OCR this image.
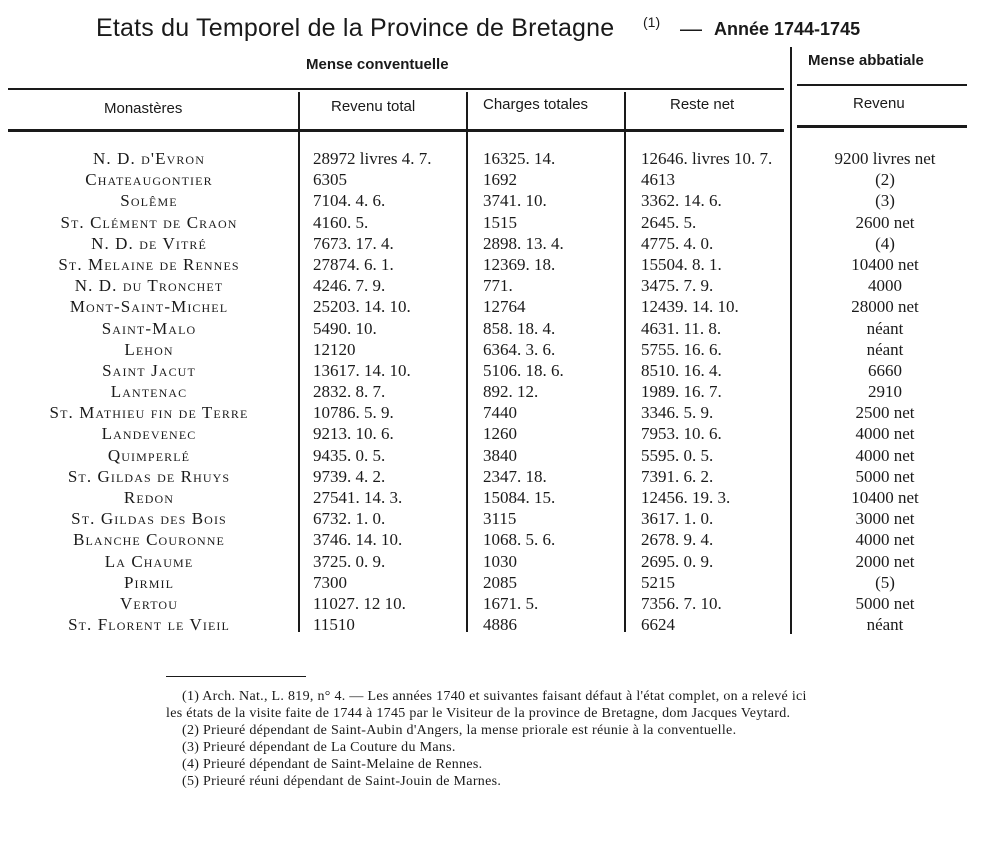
Etats du Temporel de la Province de Bretagne (1) — Année 1744-1745
Mense conventuelle	Mense abbatiale
Monastères	Revenu total	Charges totales	Reste net	Revenu
N. D. d'Evron	28972 livres 4. 7.	16325. 14.	12646. livres 10. 7.	9200 livres net
Chateaugontier	6305	1692	4613	(2)
Solême	7104. 4. 6.	3741. 10.	3362. 14. 6.	(3)
St. Clément de Craon	4160. 5.	1515	2645. 5.	2600 net
N. D. de Vitré	7673. 17. 4.	2898. 13. 4.	4775. 4. 0.	(4)
St. Melaine de Rennes	27874. 6. 1.	12369. 18.	15504. 8. 1.	10400 net
N. D. du Tronchet	4246. 7. 9.	771.	3475. 7. 9.	4000
Mont-Saint-Michel	25203. 14. 10.	12764	12439. 14. 10.	28000 net
Saint-Malo	5490. 10.	858. 18. 4.	4631. 11. 8.	néant
Lehon	12120	6364. 3. 6.	5755. 16. 6.	néant
Saint Jacut	13617. 14. 10.	5106. 18. 6.	8510. 16. 4.	6660
Lantenac	2832. 8. 7.	892. 12.	1989. 16. 7.	2910
St. Mathieu fin de Terre	10786. 5. 9.	7440	3346. 5. 9.	2500 net
Landevenec	9213. 10. 6.	1260	7953. 10. 6.	4000 net
Quimperlé	9435. 0. 5.	3840	5595. 0. 5.	4000 net
St. Gildas de Rhuys	9739. 4. 2.	2347. 18.	7391. 6. 2.	5000 net
Redon	27541. 14. 3.	15084. 15.	12456. 19. 3.	10400 net
St. Gildas des Bois	6732. 1. 0.	3115	3617. 1. 0.	3000 net
Blanche Couronne	3746. 14. 10.	1068. 5. 6.	2678. 9. 4.	4000 net
La Chaume	3725. 0. 9.	1030	2695. 0. 9.	2000 net
Pirmil	7300	2085	5215	(5)
Vertou	11027. 12 10.	1671. 5.	7356. 7. 10.	5000 net
St. Florent le Vieil	11510	4886	6624	néant

(1) Arch. Nat., L. 819, n° 4. — Les années 1740 et suivantes faisant défaut à l'état complet, on a relevé ici les états de la visite faite de 1744 à 1745 par le Visiteur de la province de Bretagne, dom Jacques Veytard.

(2) Prieuré dépendant de Saint-Aubin d'Angers, la mense priorale est réunie à la conventuelle.

(3) Prieuré dépendant de La Couture du Mans.

(4) Prieuré dépendant de Saint-Melaine de Rennes.

(5) Prieuré réuni dépendant de Saint-Jouin de Marnes.
